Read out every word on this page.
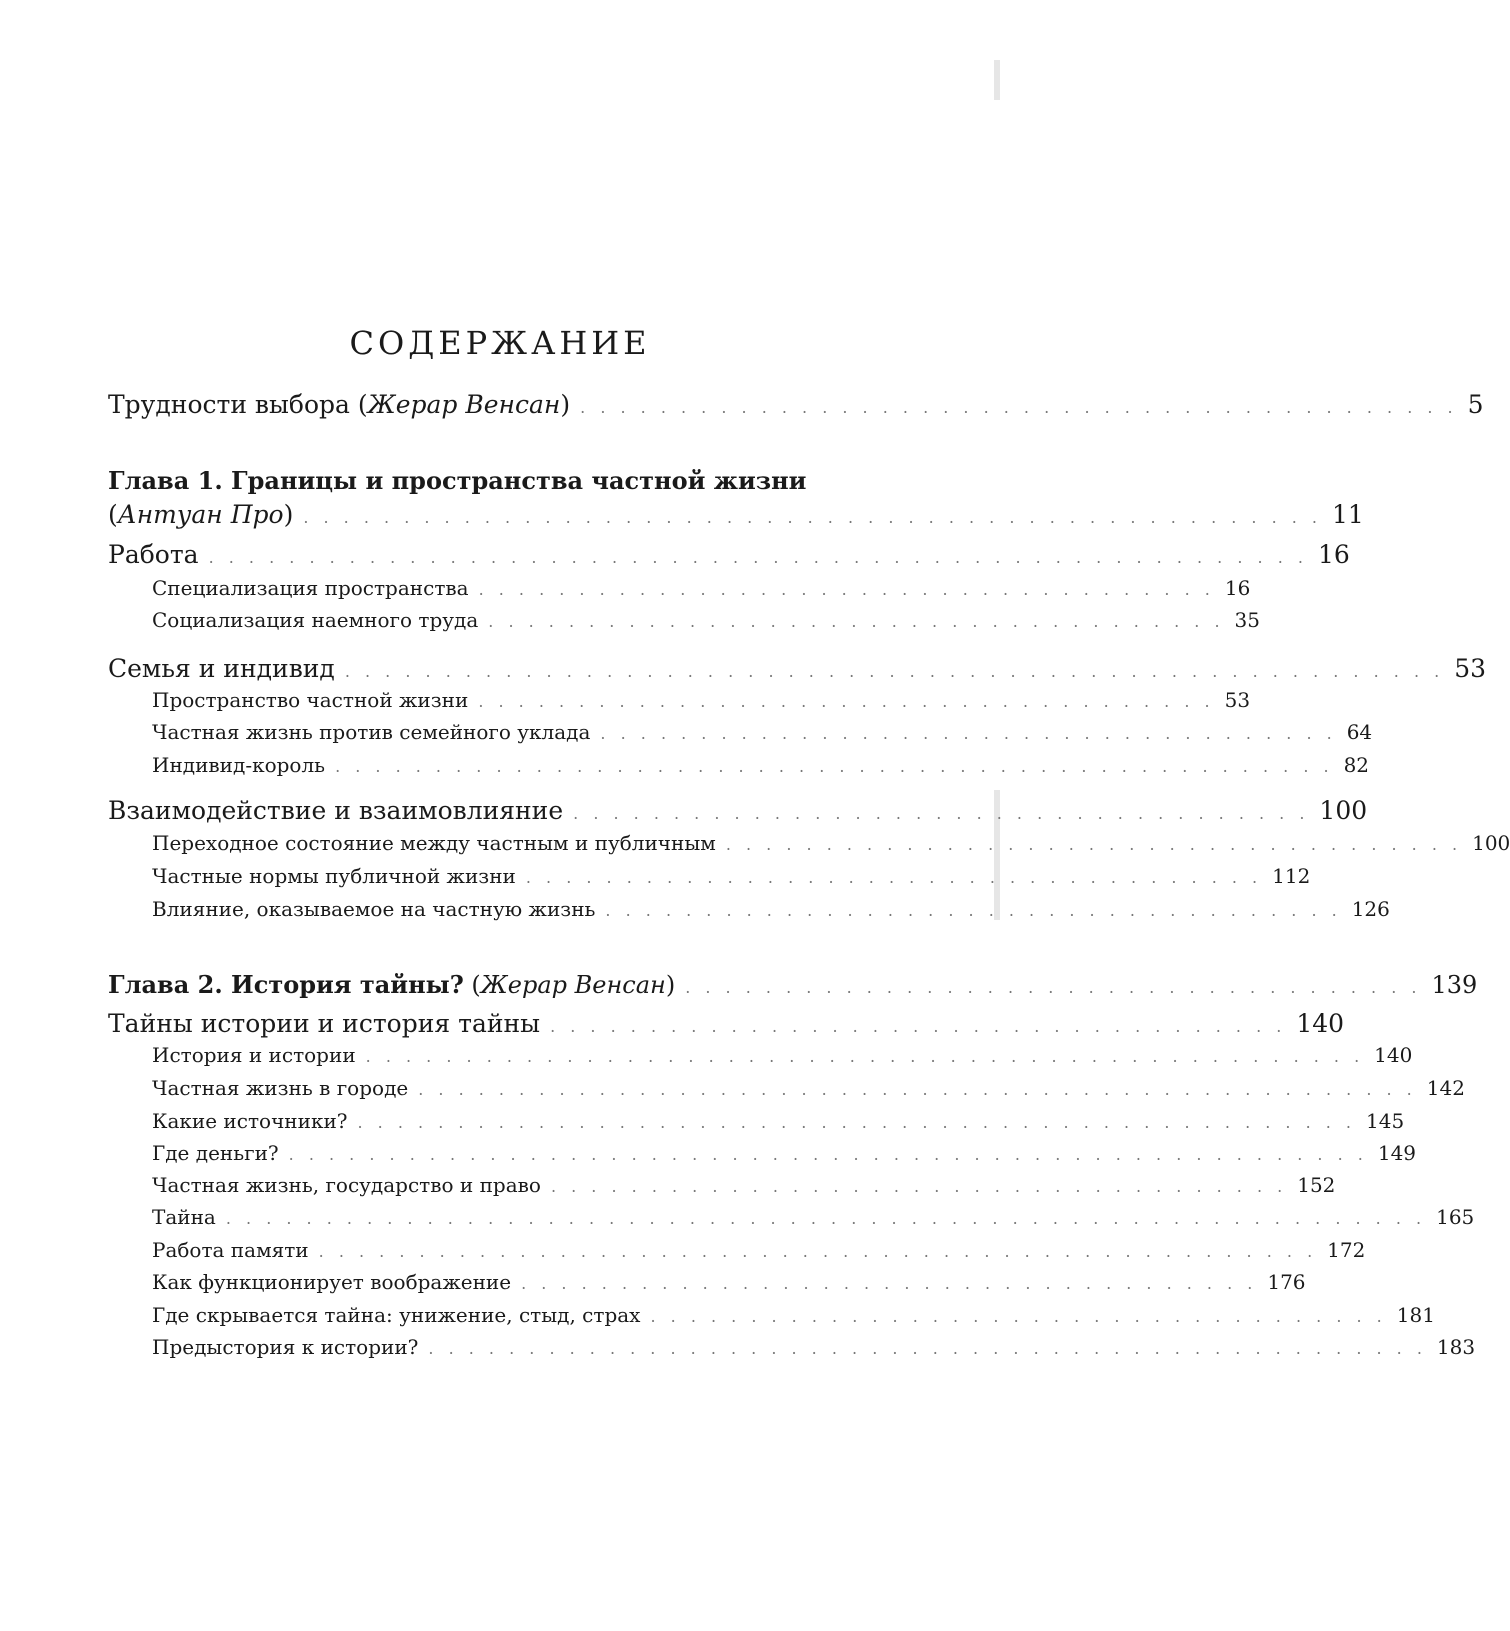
СОДЕРЖАНИЕ
Трудности выбора (Жерар Венсан) . . . . . . . . . . . . . . . . . . . . . . . . . . . . . . . . . . . . . . . . . . . . 5
Глава 1. Границы и пространства частной жизни
(Антуан Про) . . . . . . . . . . . . . . . . . . . . . . . . . . . . . . . . . . . . . . . . . . . . . . . . . . . 11
Работа . . . . . . . . . . . . . . . . . . . . . . . . . . . . . . . . . . . . . . . . . . . . . . . . . . . . . . . 16
Специализация пространства . . . . . . . . . . . . . . . . . . . . . . . . . . . . . . . . . . . . . 16
Социализация наемного труда . . . . . . . . . . . . . . . . . . . . . . . . . . . . . . . . . . . . . 35
Семья и индивид . . . . . . . . . . . . . . . . . . . . . . . . . . . . . . . . . . . . . . . . . . . . . . . . . . . . . . . 53
Пространство частной жизни . . . . . . . . . . . . . . . . . . . . . . . . . . . . . . . . . . . . . 53
Частная жизнь против семейного уклада . . . . . . . . . . . . . . . . . . . . . . . . . . . . . . . . . . . . . 64
Индивид-король . . . . . . . . . . . . . . . . . . . . . . . . . . . . . . . . . . . . . . . . . . . . . . . . . . 82
Взаимодействие и взаимовлияние . . . . . . . . . . . . . . . . . . . . . . . . . . . . . . . . . . . . . 100
Переходное состояние между частным и публичным . . . . . . . . . . . . . . . . . . . . . . . . . . . . . . . . . . . . . 100
Частные нормы публичной жизни . . . . . . . . . . . . . . . . . . . . . . . . . . . . . . . . . . . . . 112
Влияние, оказываемое на частную жизнь . . . . . . . . . . . . . . . . . . . . . . . . . . . . . . . . . . . . . 126
Глава 2. История тайны? (Жерар Венсан) . . . . . . . . . . . . . . . . . . . . . . . . . . . . . . . . . . . . . 139
Тайны истории и история тайны . . . . . . . . . . . . . . . . . . . . . . . . . . . . . . . . . . . . . 140
История и истории . . . . . . . . . . . . . . . . . . . . . . . . . . . . . . . . . . . . . . . . . . . . . . . . . . 140
Частная жизнь в городе . . . . . . . . . . . . . . . . . . . . . . . . . . . . . . . . . . . . . . . . . . . . . . . . . . 142
Какие источники? . . . . . . . . . . . . . . . . . . . . . . . . . . . . . . . . . . . . . . . . . . . . . . . . . . 145
Где деньги? . . . . . . . . . . . . . . . . . . . . . . . . . . . . . . . . . . . . . . . . . . . . . . . . . . . . . . 149
Частная жизнь, государство и право . . . . . . . . . . . . . . . . . . . . . . . . . . . . . . . . . . . . . 152
Тайна . . . . . . . . . . . . . . . . . . . . . . . . . . . . . . . . . . . . . . . . . . . . . . . . . . . . . . . . . . . . 165
Работа памяти . . . . . . . . . . . . . . . . . . . . . . . . . . . . . . . . . . . . . . . . . . . . . . . . . . 172
Как функционирует воображение . . . . . . . . . . . . . . . . . . . . . . . . . . . . . . . . . . . . . 176
Где скрывается тайна: унижение, стыд, страх . . . . . . . . . . . . . . . . . . . . . . . . . . . . . . . . . . . . . 181
Предыстория к истории? . . . . . . . . . . . . . . . . . . . . . . . . . . . . . . . . . . . . . . . . . . . . . . . . . . 183
